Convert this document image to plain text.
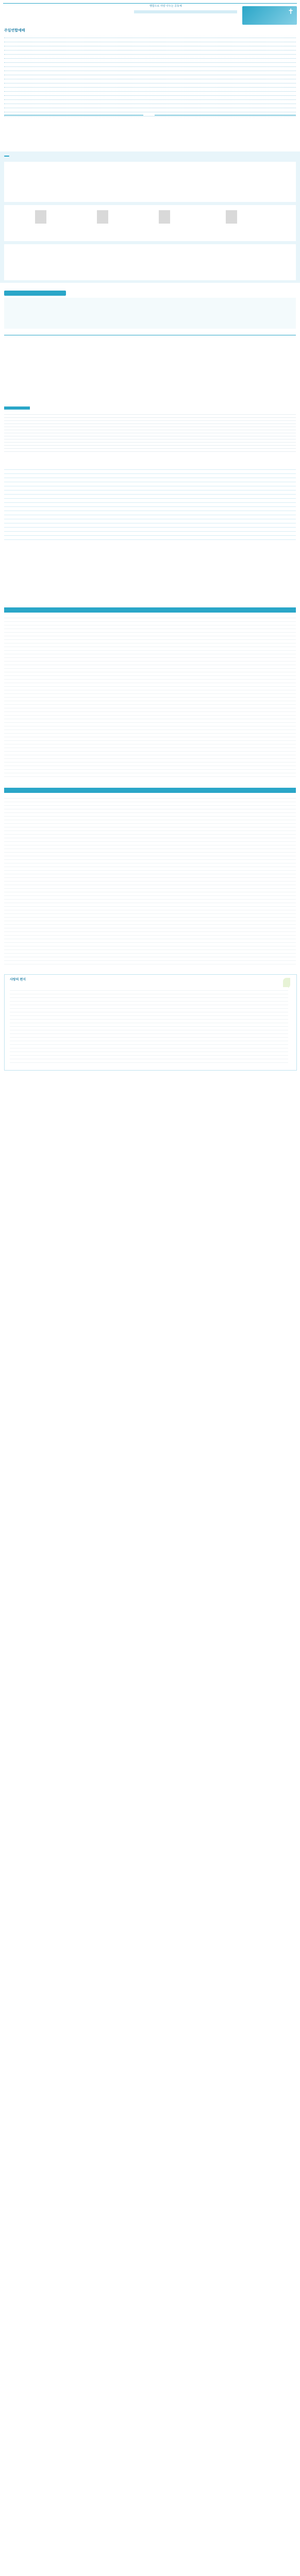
행함으로 사랑 나누는 공동체
✝
주일연합예배
사랑의 편지
